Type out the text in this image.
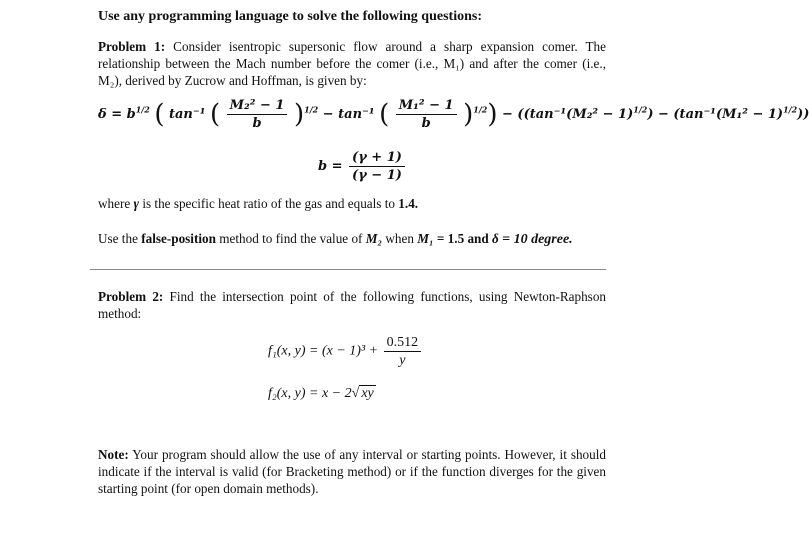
Use any programming language to solve the following questions:

Problem 1: Consider isentropic supersonic flow around a sharp expansion comer. The relationship between the Mach number before the comer (i.e., M₁) and after the comer (i.e., M₂), derived by Zucrow and Hoffman, is given by:

$\delta = b^{1/2}$ ( tan⁻¹ ( $\frac{\text{M₂² − 1}}{b} )^{1/2} - \tan^{-1}$ ( $\frac{\text{M₁² − 1}}{b} )^{1/2}) - ((\tan^{-1}(M_2^2 - 1)^{1/2}) - (\tan^{-1}(M_1^2 - 1)^{1/2}))$
$b = \frac{(\gamma + 1)}{(\gamma - 1)}$

where γ is the specific heat ratio of the gas and equals to 1.4.

Use the false-position method to find the value of M₂ when M₁ = 1.5 and δ = 10 degree.

Problem 2: Find the intersection point of the following functions, using Newton-Raphson method:

f₁(x, $y) = (x - 1)^3 + \frac{0.512}{y}$
f₂(x, y) = x − 2√ xy

Note: Your program should allow the use of any interval or starting points. However, it should indicate if the interval is valid (for Bracketing method) or if the function diverges for the given starting point (for open domain methods).
